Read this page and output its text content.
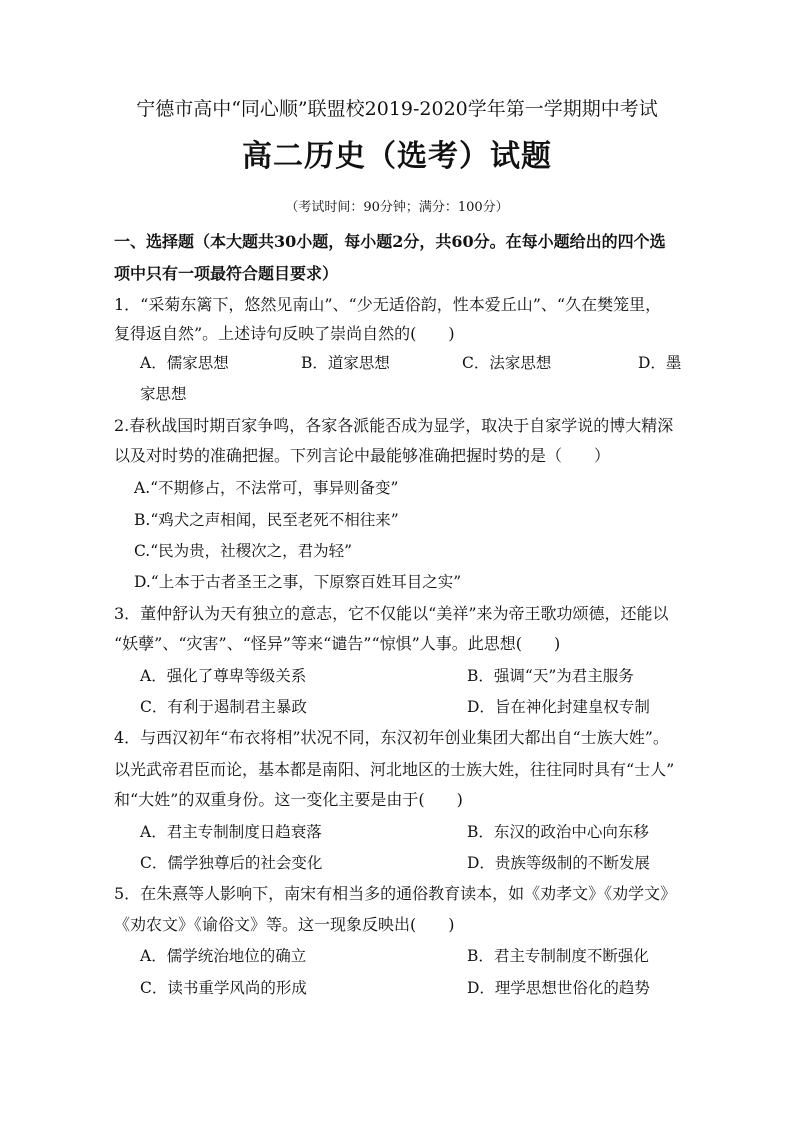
宁德市高中“同心顺”联盟校2019-2020学年第一学期期中考试
高二历史（选考）试题
（考试时间：90分钟；满分：100分）
一、选择题（本大题共30小题，每小题2分，共60分。在每小题给出的四个选
项中只有一项最符合题目要求）
1．“采菊东篱下，悠然见南山”、“少无适俗韵，性本爱丘山”、“久在樊笼里，
复得返自然”。上述诗句反映了崇尚自然的(　　)
A．儒家思想	B．道家思想	C．法家思想	D．墨
家思想
2.春秋战国时期百家争鸣，各家各派能否成为显学，取决于自家学说的博大精深
以及对时势的准确把握。下列言论中最能够准确把握时势的是（　　）
A.“不期修占，不法常可，事异则备变”
B.“鸡犬之声相闻，民至老死不相往来”
C.“民为贵，社稷次之，君为轻”
D.“上本于古者圣王之事，下原察百姓耳目之实”
3．董仲舒认为天有独立的意志，它不仅能以“美祥”来为帝王歌功颂德，还能以
“妖孽”、“灾害”、“怪异”等来“谴告”“惊惧”人事。此思想(　　)
A．强化了尊卑等级关系	B．强调“天”为君主服务
C．有利于遏制君主暴政	D．旨在神化封建皇权专制
4．与西汉初年“布衣将相”状况不同，东汉初年创业集团大都出自“士族大姓”。
以光武帝君臣而论，基本都是南阳、河北地区的士族大姓，往往同时具有“士人”
和“大姓”的双重身份。这一变化主要是由于(　　)
A．君主专制制度日趋衰落	B．东汉的政治中心向东移
C．儒学独尊后的社会变化	D．贵族等级制的不断发展
5．在朱熹等人影响下，南宋有相当多的通俗教育读本，如《劝孝文》《劝学文》
《劝农文》《谕俗文》等。这一现象反映出(　　)
A．儒学统治地位的确立	B．君主专制制度不断强化
C．读书重学风尚的形成	D．理学思想世俗化的趋势
